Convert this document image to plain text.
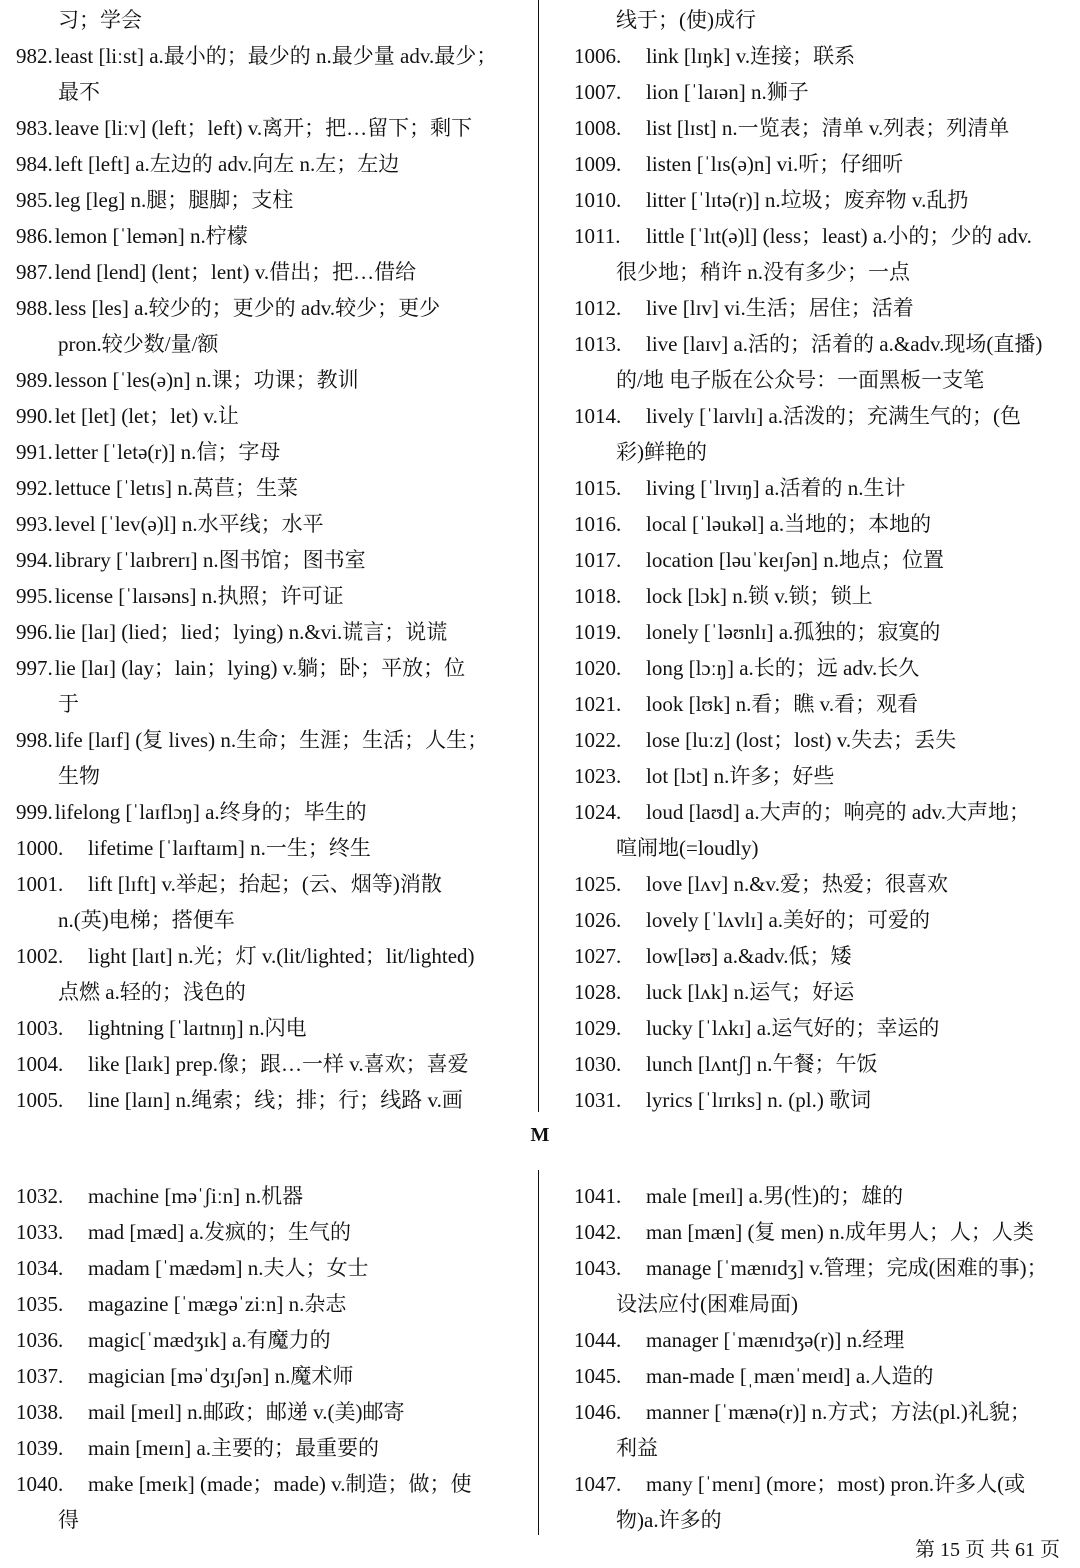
习；学会
982.least [liːst] a.最小的；最少的 n.最少量 adv.最少；
最不
983.leave [liːv] (left；left) v.离开；把…留下；剩下
984.left [left] a.左边的 adv.向左 n.左；左边
985.leg [leg] n.腿；腿脚；支柱
986.lemon [ˈlemən] n.柠檬
987.lend [lend] (lent；lent) v.借出；把…借给
988.less [les] a.较少的；更少的 adv.较少；更少
pron.较少数/量/额
989.lesson [ˈles(ə)n] n.课；功课；教训
990.let [let] (let；let) v.让
991.letter [ˈletə(r)] n.信；字母
992.lettuce [ˈletɪs] n.莴苣；生菜
993.level [ˈlev(ə)l] n.水平线；水平
994.library [ˈlaɪbrerɪ] n.图书馆；图书室
995.license [ˈlaɪsəns] n.执照；许可证
996.lie [laɪ] (lied；lied；lying) n.&vi.谎言；说谎
997.lie [laɪ] (lay；lain；lying) v.躺；卧；平放；位
于
998.life [laɪf] (复 lives) n.生命；生涯；生活；人生；
生物
999.lifelong [ˈlaɪflɔŋ] a.终身的；毕生的
1000. lifetime [ˈlaɪftaɪm] n.一生；终生
1001. lift [lɪft] v.举起；抬起；(云、烟等)消散
n.(英)电梯；搭便车
1002. light [laɪt] n.光；灯 v.(lit/lighted；lit/lighted)
点燃 a.轻的；浅色的
1003. lightning [ˈlaɪtnɪŋ] n.闪电
1004. like [laɪk] prep.像；跟…一样 v.喜欢；喜爱
1005. line [laɪn] n.绳索；线；排；行；线路 v.画
线于；(使)成行
1006. link [lɪŋk] v.连接；联系
1007. lion [ˈlaɪən] n.狮子
1008. list [lɪst] n.一览表；清单 v.列表；列清单
1009. listen [ˈlɪs(ə)n] vi.听；仔细听
1010. litter [ˈlɪtə(r)] n.垃圾；废弃物 v.乱扔
1011. little [ˈlɪt(ə)l] (less；least) a.小的；少的 adv.
很少地；稍许 n.没有多少；一点
1012. live [lɪv] vi.生活；居住；活着
1013. live [laɪv] a.活的；活着的 a.&adv.现场(直播)
的/地 电子版在公众号：一面黑板一支笔
1014. lively [ˈlaɪvlɪ] a.活泼的；充满生气的；(色
彩)鲜艳的
1015. living [ˈlɪvɪŋ] a.活着的 n.生计
1016. local [ˈləukəl] a.当地的；本地的
1017. location [ləuˈkeɪʃən] n.地点；位置
1018. lock [lɔk] n.锁 v.锁；锁上
1019. lonely [ˈləʊnlɪ] a.孤独的；寂寞的
1020. long [lɔːŋ] a.长的；远 adv.长久
1021. look [lʊk] n.看；瞧 v.看；观看
1022. lose [luːz] (lost；lost) v.失去；丢失
1023. lot [lɔt] n.许多；好些
1024. loud [laʊd] a.大声的；响亮的 adv.大声地；
喧闹地(=loudly)
1025. love [lʌv] n.&v.爱；热爱；很喜欢
1026. lovely [ˈlʌvlɪ] a.美好的；可爱的
1027. low[ləʊ] a.&adv.低；矮
1028. luck [lʌk] n.运气；好运
1029. lucky [ˈlʌkɪ] a.运气好的；幸运的
1030. lunch [lʌntʃ] n.午餐；午饭
1031. lyrics [ˈlɪrɪks] n. (pl.) 歌词
M
1032. machine [məˈʃiːn] n.机器
1033. mad [mæd] a.发疯的；生气的
1034. madam [ˈmædəm] n.夫人；女士
1035. magazine [ˈmægəˈziːn] n.杂志
1036. magic[ˈmædʒɪk] a.有魔力的
1037. magician [məˈdʒɪʃən] n.魔术师
1038. mail [meɪl] n.邮政；邮递 v.(美)邮寄
1039. main [meɪn] a.主要的；最重要的
1040. make [meɪk] (made；made) v.制造；做；使
得
1041. male [meɪl] a.男(性)的；雄的
1042. man [mæn] (复 men) n.成年男人；人；人类
1043. manage [ˈmænɪdʒ] v.管理；完成(困难的事)；
设法应付(困难局面)
1044. manager [ˈmænɪdʒə(r)] n.经理
1045. man-made [ˌmænˈmeɪd] a.人造的
1046. manner [ˈmænə(r)] n.方式；方法(pl.)礼貌；
利益
1047. many [ˈmenɪ] (more；most) pron.许多人(或
物)a.许多的
第 15 页 共 61 页
